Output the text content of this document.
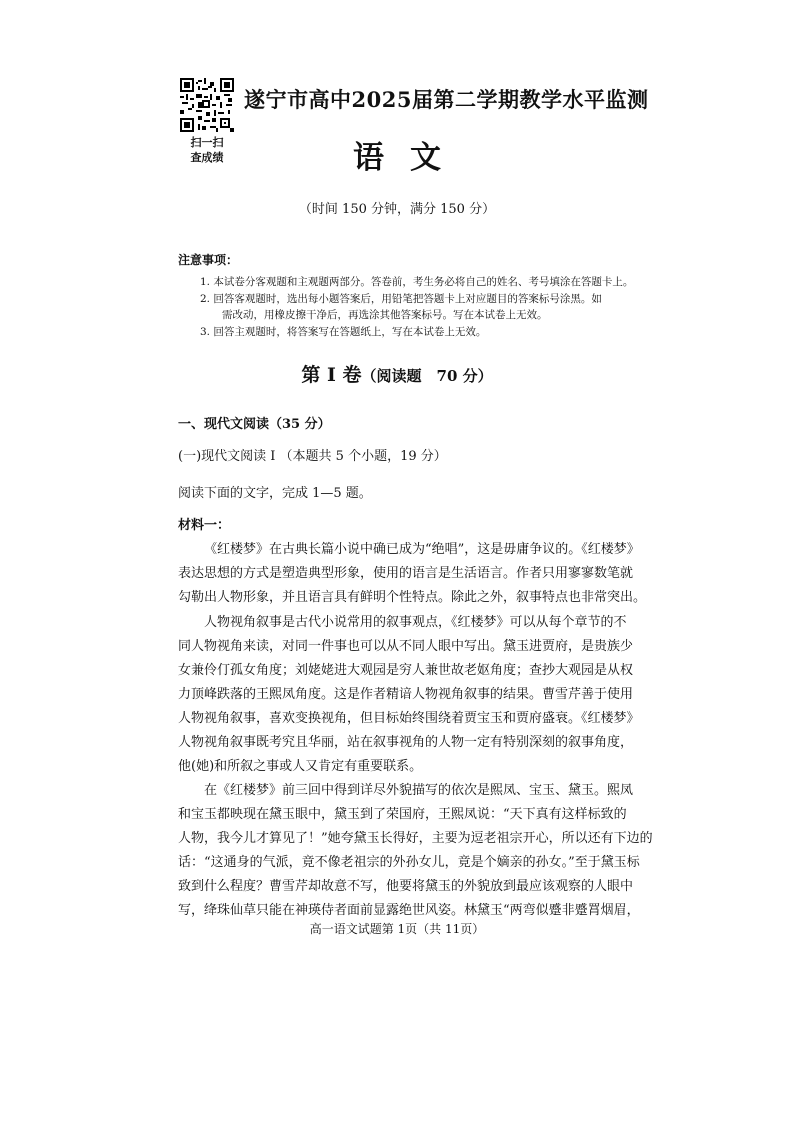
扫一扫
查成绩
遂宁市高中2025届第二学期教学水平监测
语文
（时间 150 分钟，满分 150 分）
注意事项：
1. 本试卷分客观题和主观题两部分。答卷前，考生务必将自己的姓名、考号填涂在答题卡上。
2. 回答客观题时，选出每小题答案后，用铅笔把答题卡上对应题目的答案标号涂黑。如
需改动，用橡皮擦干净后，再选涂其他答案标号。写在本试卷上无效。
3. 回答主观题时，将答案写在答题纸上，写在本试卷上无效。
第 Ⅰ 卷（阅读题　70 分）
一、现代文阅读（35 分）
(一)现代文阅读 Ⅰ （本题共 5 个小题，19 分）
阅读下面的文字，完成 1—5 题。
材料一：
《红楼梦》在古典长篇小说中确已成为“绝唱”，这是毋庸争议的。《红楼梦》
表达思想的方式是塑造典型形象，使用的语言是生活语言。作者只用寥寥数笔就
勾勒出人物形象，并且语言具有鲜明个性特点。除此之外，叙事特点也非常突出。
人物视角叙事是古代小说常用的叙事观点，《红楼梦》可以从每个章节的不
同人物视角来读，对同一件事也可以从不同人眼中写出。黛玉进贾府，是贵族少
女兼伶仃孤女角度；刘姥姥进大观园是穷人兼世故老妪角度；查抄大观园是从权
力顶峰跌落的王熙凤角度。这是作者精谙人物视角叙事的结果。曹雪芹善于使用
人物视角叙事，喜欢变换视角，但目标始终围绕着贾宝玉和贾府盛衰。《红楼梦》
人物视角叙事既考究且华丽，站在叙事视角的人物一定有特别深刻的叙事角度，
他(她)和所叙之事或人又肯定有重要联系。
在《红楼梦》前三回中得到详尽外貌描写的依次是熙凤、宝玉、黛玉。熙凤
和宝玉都映现在黛玉眼中，黛玉到了荣国府，王熙凤说：“天下真有这样标致的
人物，我今儿才算见了！”她夸黛玉长得好，主要为逗老祖宗开心，所以还有下边的
话：“这通身的气派，竟不像老祖宗的外孙女儿，竟是个嫡亲的孙女。”至于黛玉标
致到什么程度？曹雪芹却故意不写，他要将黛玉的外貌放到最应该观察的人眼中
写，绛珠仙草只能在神瑛侍者面前显露绝世风姿。林黛玉“两弯似蹙非蹙罥烟眉，
高一语文试题第 1页（共 11页）
